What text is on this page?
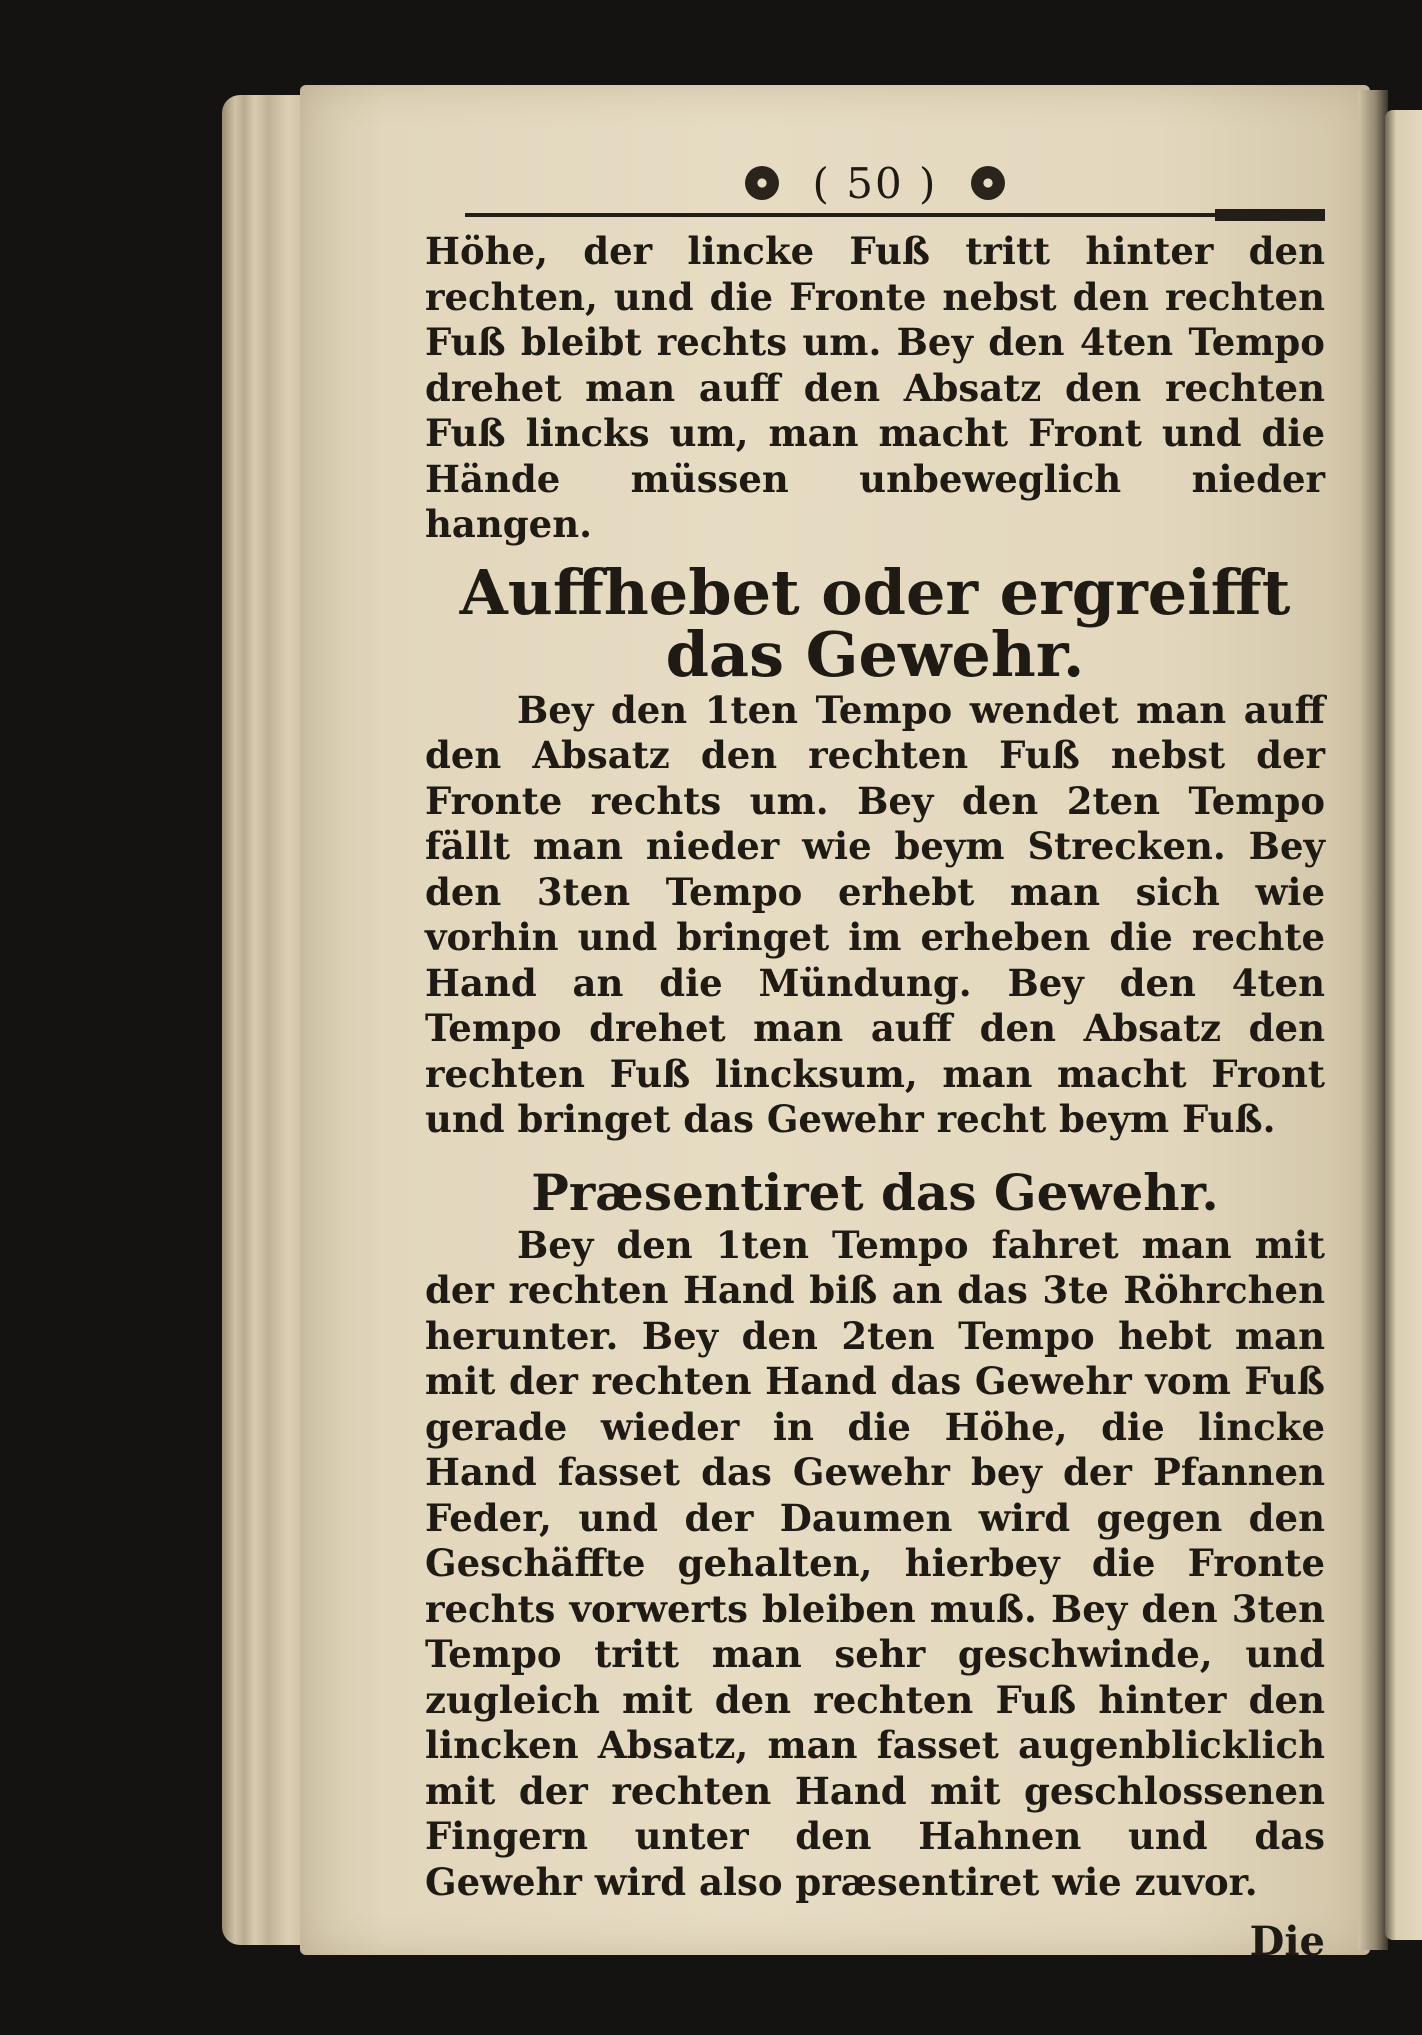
( 50 )

Höhe, der lincke Fuß tritt hinter den rechten, und die Fronte nebst den rechten Fuß bleibt rechts um. Bey den 4ten Tempo drehet man auff den Absatz den rechten Fuß lincks um, man macht Front und die Hände müssen unbeweglich nieder hangen.

Auffhebet oder ergreifft das Gewehr.

Bey den 1ten Tempo wendet man auff den Absatz den rechten Fuß nebst der Fronte rechts um. Bey den 2ten Tempo fällt man nieder wie beym Strecken. Bey den 3ten Tempo erhebt man sich wie vorhin und bringet im erheben die rechte Hand an die Mündung. Bey den 4ten Tempo drehet man auff den Absatz den rechten Fuß lincksum, man macht Front und bringet das Gewehr recht beym Fuß.

Præsentiret das Gewehr.

Bey den 1ten Tempo fahret man mit der rechten Hand biß an das 3te Röhrchen herunter. Bey den 2ten Tempo hebt man mit der rechten Hand das Gewehr vom Fuß gerade wieder in die Höhe, die lincke Hand fasset das Gewehr bey der Pfannen Feder, und der Daumen wird gegen den Geschäffte gehalten, hierbey die Fronte rechts vorwerts bleiben muß. Bey den 3ten Tempo tritt man sehr geschwinde, und zugleich mit den rechten Fuß hinter den lincken Absatz, man fasset augenblicklich mit der rechten Hand mit geschlossenen Fingern unter den Hahnen und das Gewehr wird also præsentiret wie zuvor.

Die
